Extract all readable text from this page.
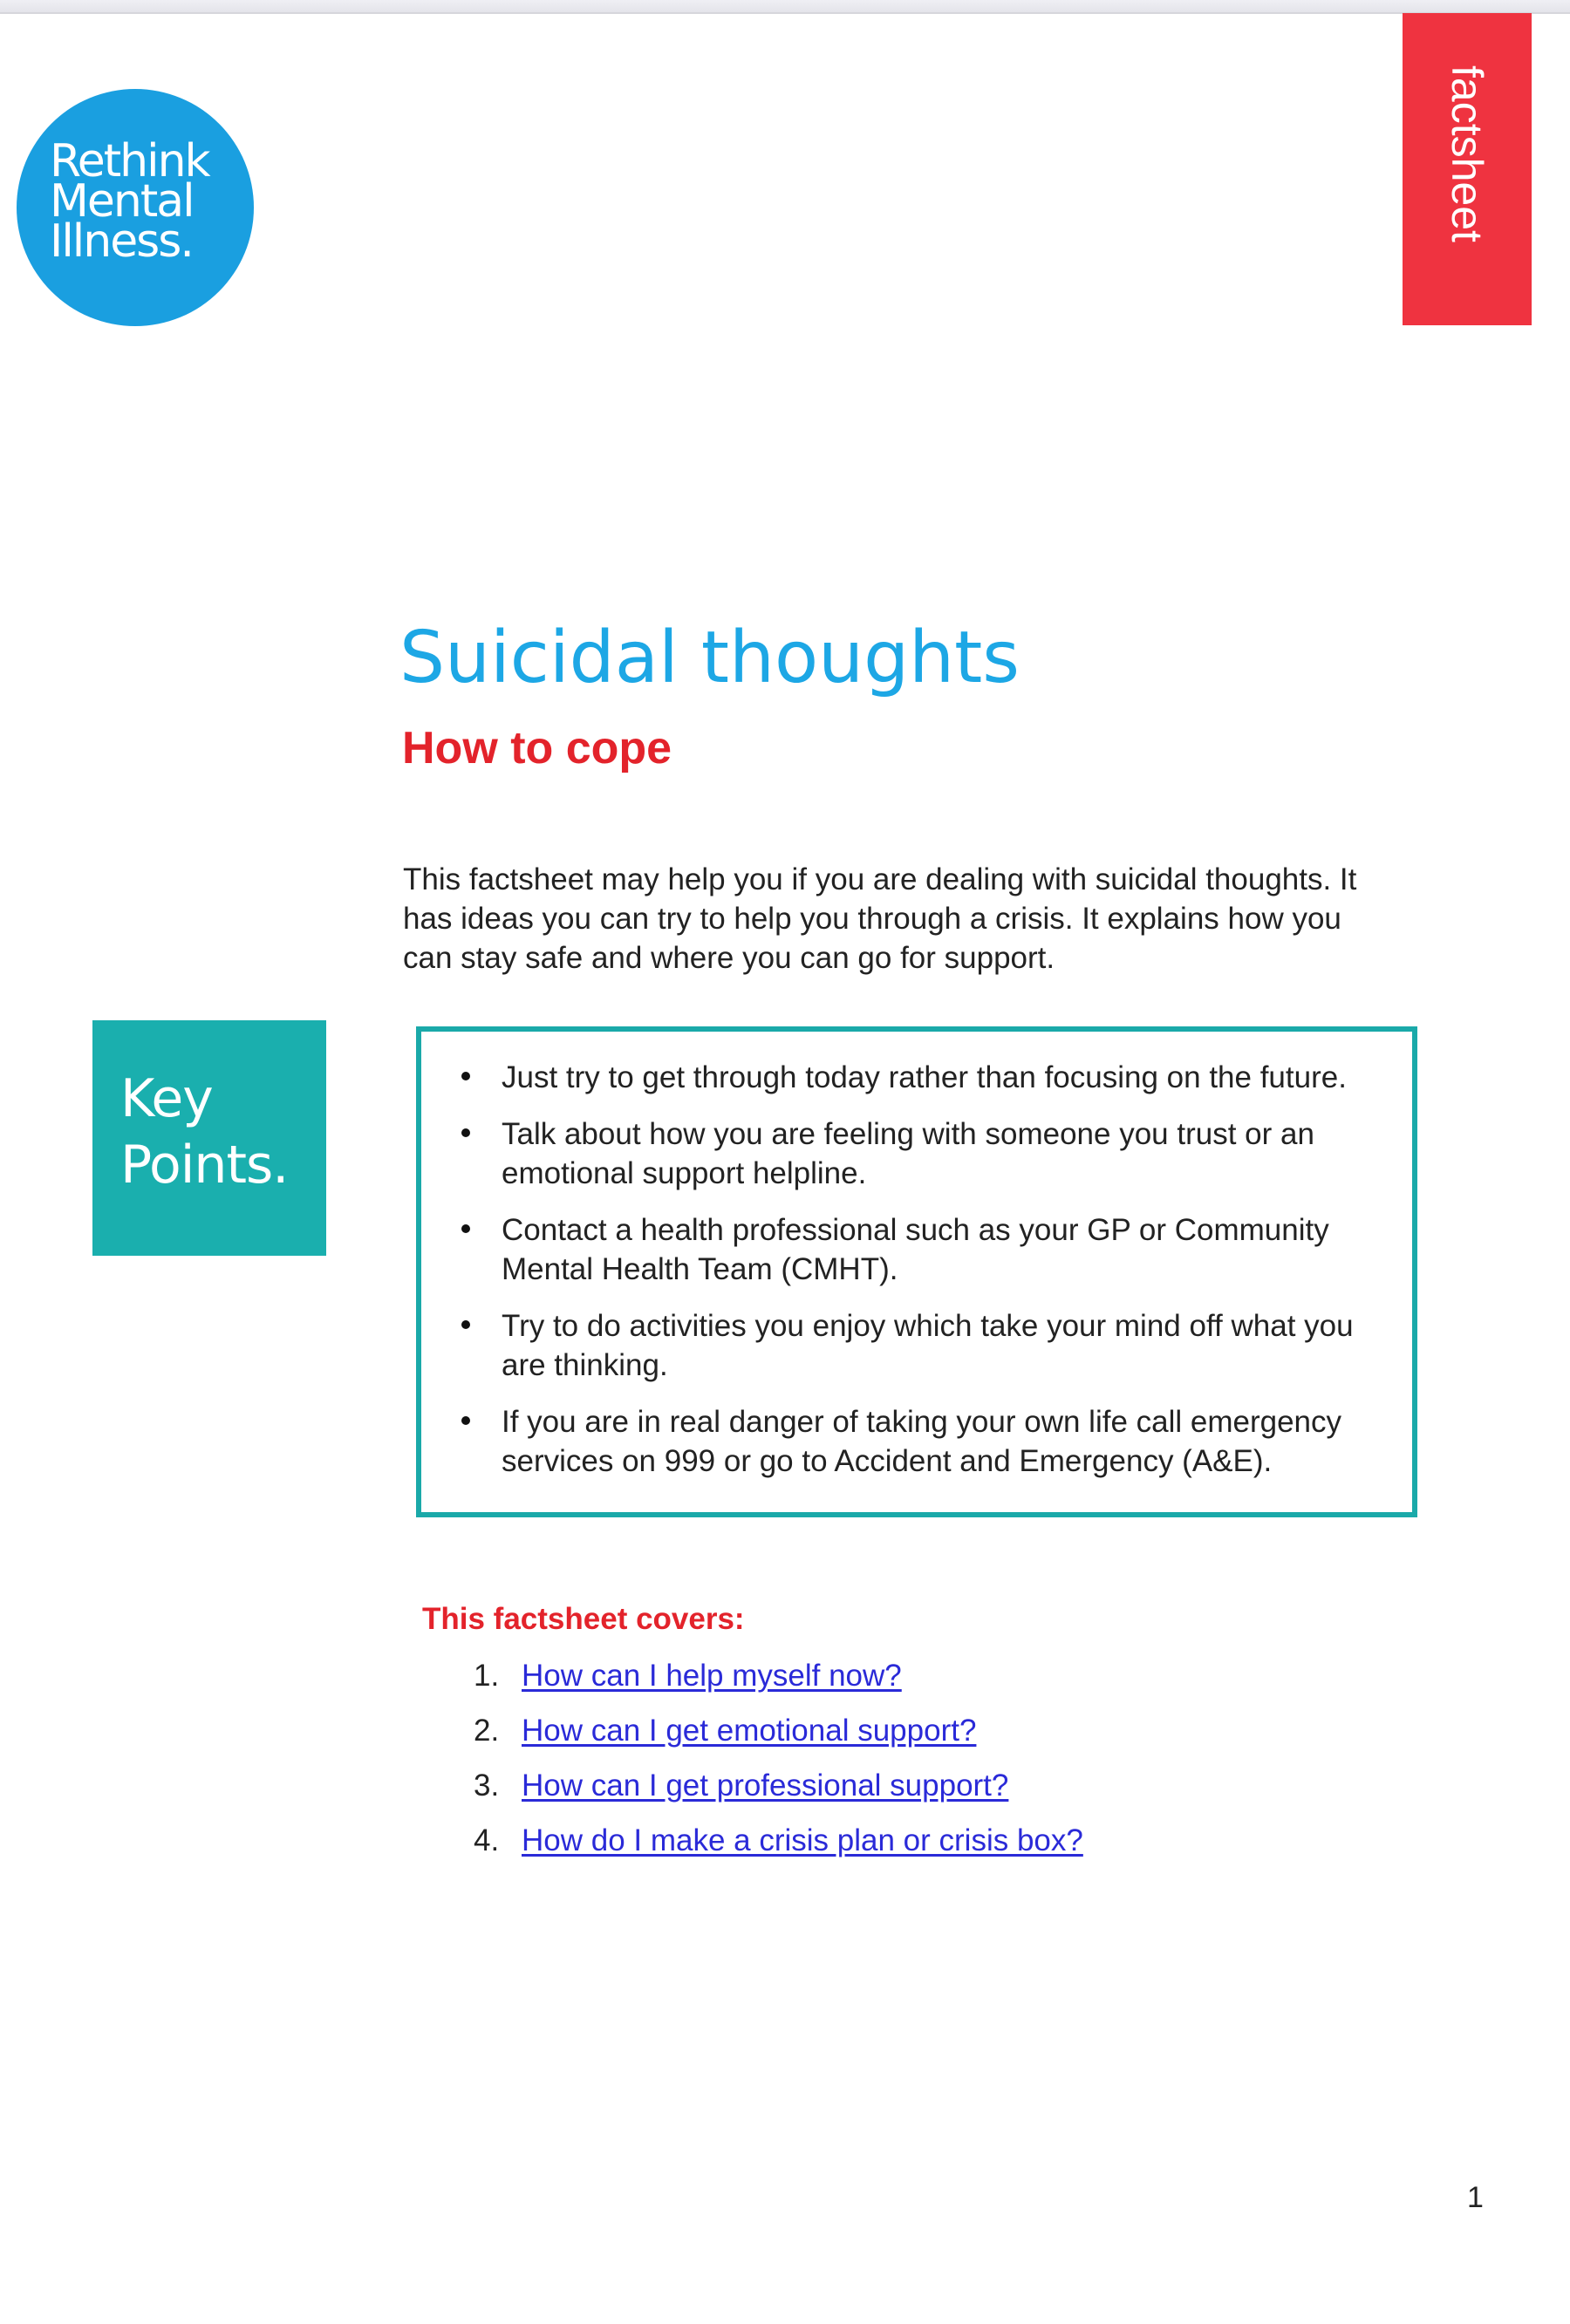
Rethink
Mental
Illness.	factsheet
Suicidal thoughts
How to cope

This factsheet may help you if you are dealing with suicidal thoughts. It
has ideas you can try to help you through a crisis. It explains how you
can stay safe and where you can go for support.

Key
Points.
Just try to get through today rather than focusing on the future.
Talk about how you are feeling with someone you trust or an
emotional support helpline.
Contact a health professional such as your GP or Community
Mental Health Team (CMHT).
Try to do activities you enjoy which take your mind off what you
are thinking.
If you are in real danger of taking your own life call emergency
services on 999 or go to Accident and Emergency (A&E).
This factsheet covers:
1. How can I help myself now?
2. How can I get emotional support?
3. How can I get professional support?
4. How do I make a crisis plan or crisis box?
1
